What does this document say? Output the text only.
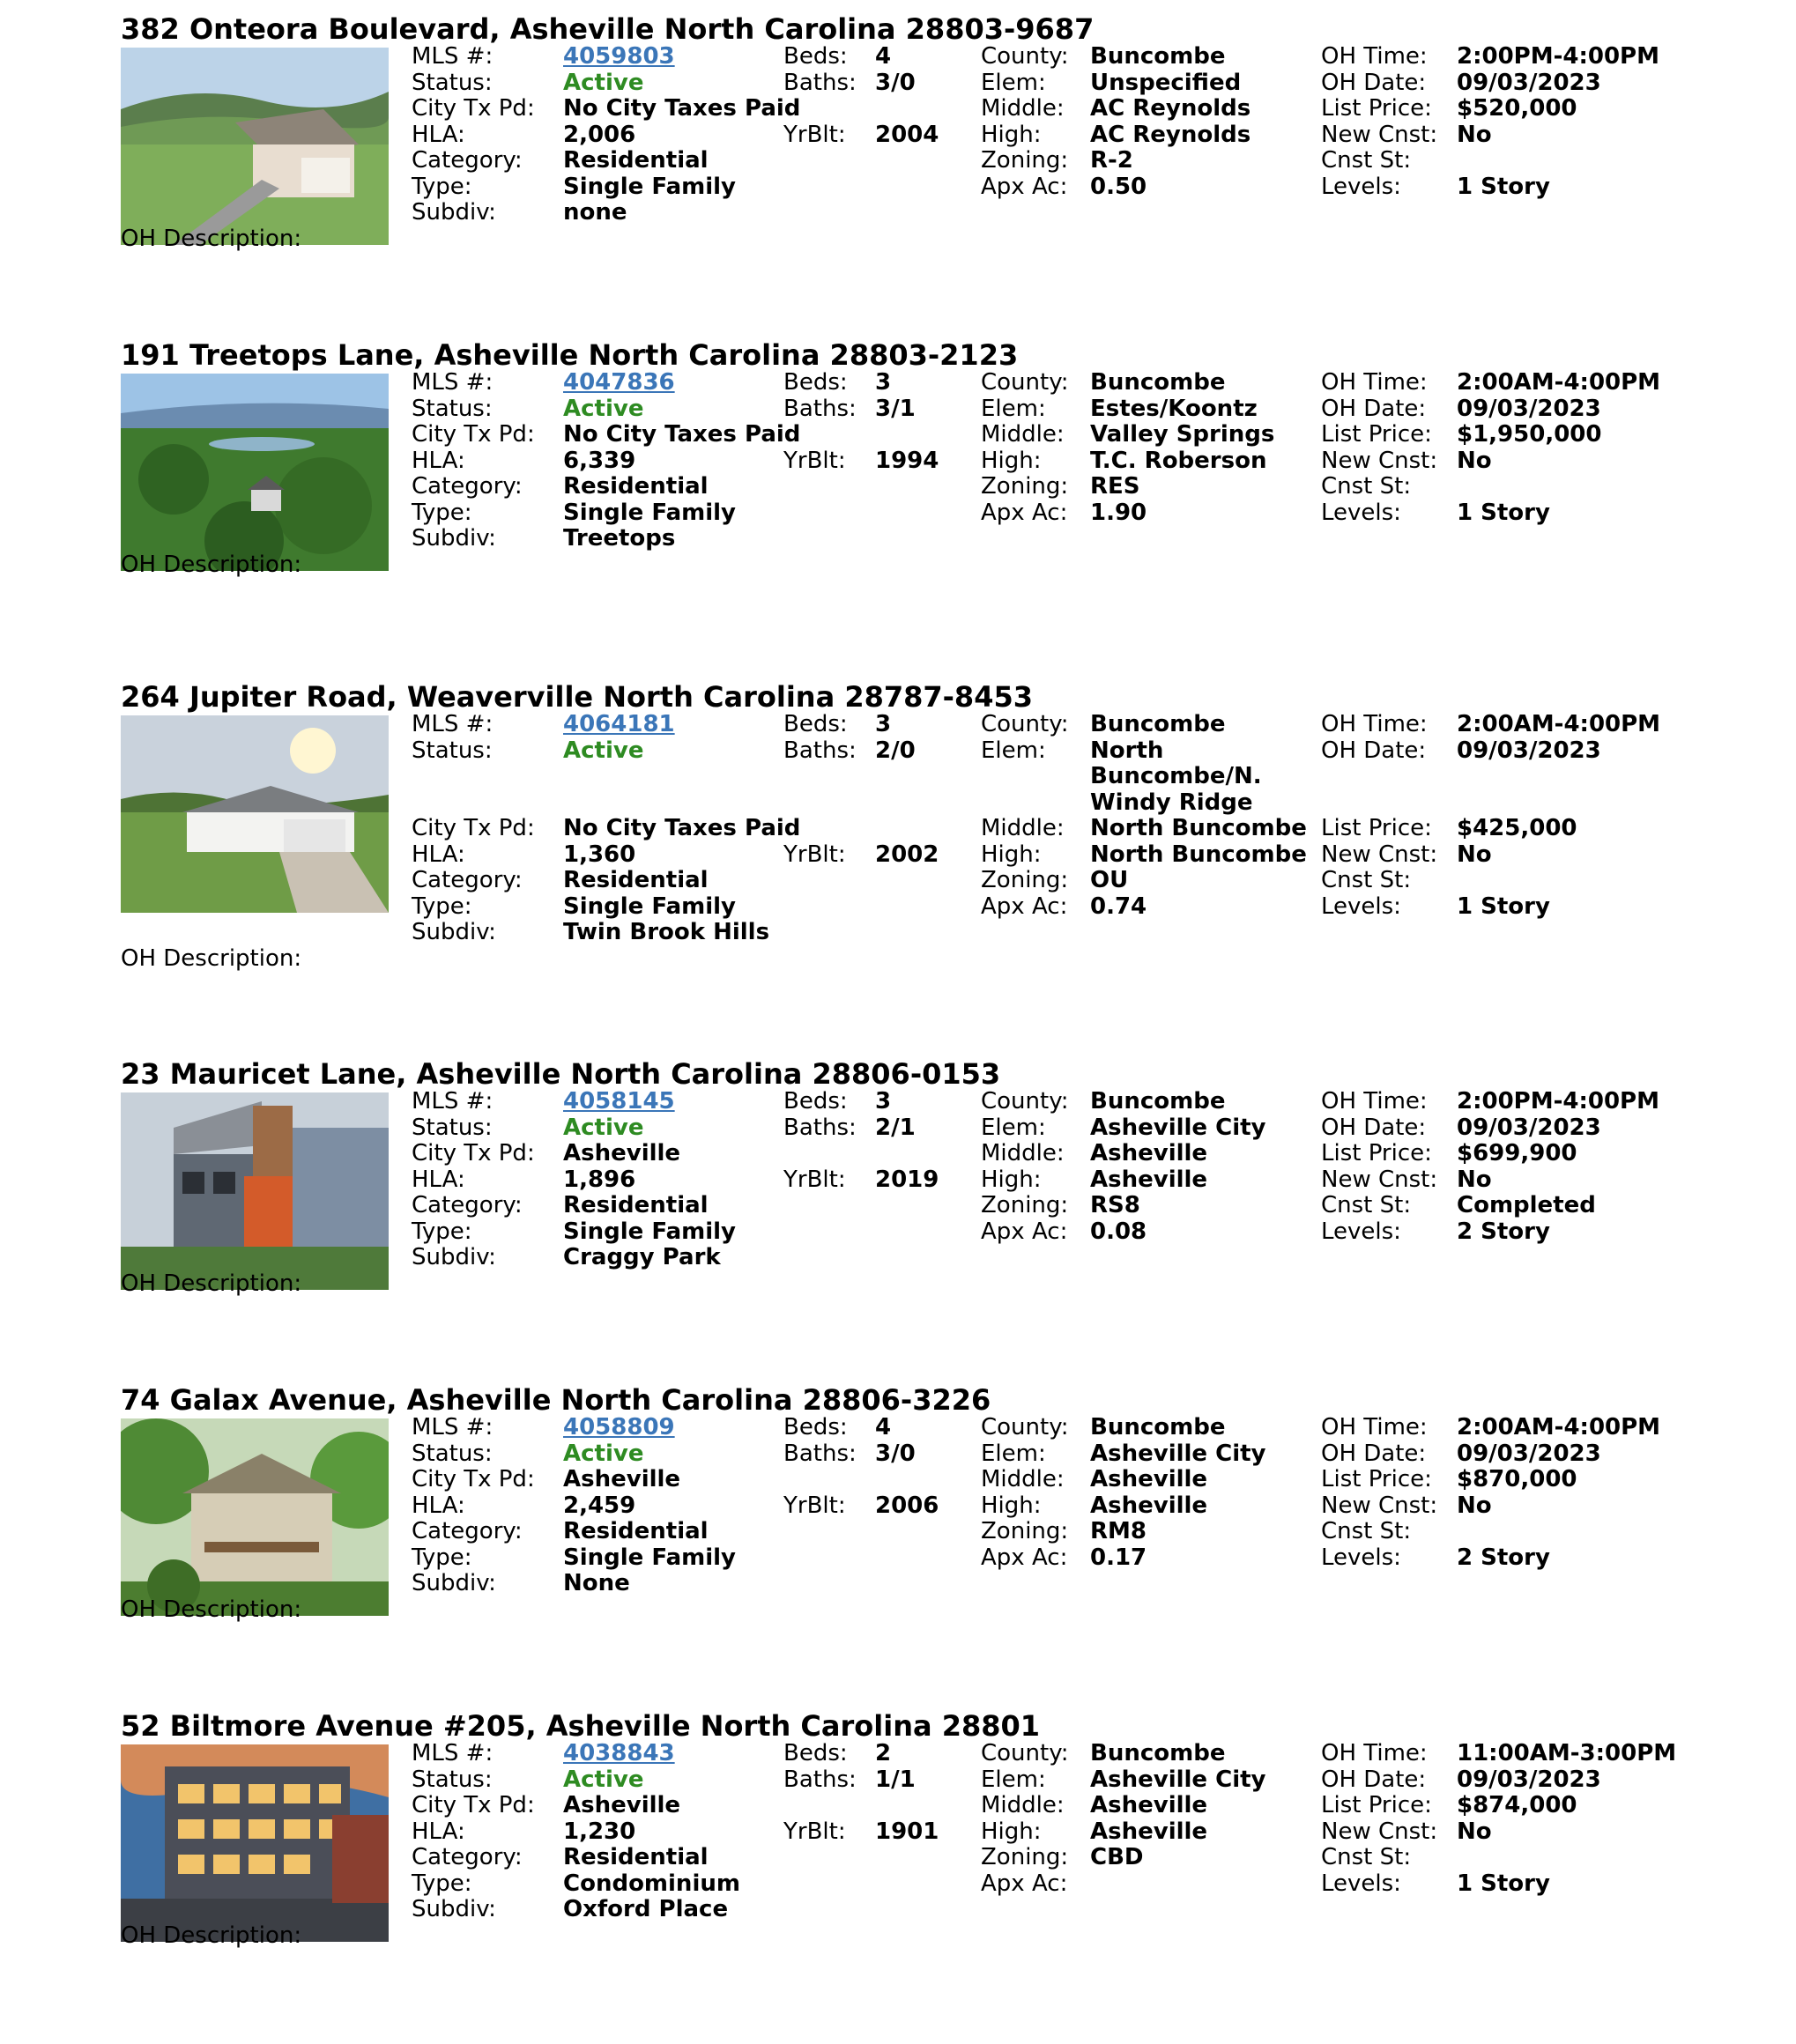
382 Onteora Boulevard, Asheville North Carolina 28803-9687
MLS #:	4059803
Status:	Active
City Tx Pd: No City Taxes Paid
HLA:	2,006
Category: Residential
Type:	Single Family
Subdiv:	none
Beds: 4
Baths: 3/0
YrBlt: 2004
County: Buncombe
Elem: Unspecified
Middle: AC Reynolds
High: AC Reynolds
Zoning: R-2
Apx Ac: 0.50
OH Time: 2:00PM-4:00PM
OH Date: 09/03/2023
List Price: $520,000
New Cnst: No
Cnst St:
Levels: 1 Story
OH Description:
191 Treetops Lane, Asheville North Carolina 28803-2123
MLS #:	4047836
Status:	Active
City Tx Pd: No City Taxes Paid
HLA:	6,339
Category: Residential
Type:	Single Family
Subdiv:	Treetops
Beds: 3
Baths: 3/1
YrBlt: 1994
County: Buncombe
Elem: Estes/Koontz
Middle: Valley Springs
High: T.C. Roberson
Zoning: RES
Apx Ac: 1.90
OH Time: 2:00AM-4:00PM
OH Date: 09/03/2023
List Price: $1,950,000
New Cnst: No
Cnst St:
Levels: 1 Story
OH Description:
264 Jupiter Road, Weaverville North Carolina 28787-8453
MLS #:	4064181
Status:	Active
City Tx Pd: No City Taxes Paid
HLA:	1,360
Category: Residential
Type:	Single Family
Subdiv:	Twin Brook Hills
Beds: 3
Baths: 2/0
YrBlt: 2002
County: Buncombe
Elem: North
Buncombe/N.
Windy Ridge
Middle: North Buncombe
High: North Buncombe
Zoning: OU
Apx Ac: 0.74
OH Time: 2:00AM-4:00PM
OH Date: 09/03/2023
List Price: $425,000
New Cnst: No
Cnst St:
Levels: 1 Story
OH Description:
23 Mauricet Lane, Asheville North Carolina 28806-0153
MLS #:	4058145
Status:	Active
City Tx Pd: Asheville
HLA:	1,896
Category: Residential
Type:	Single Family
Subdiv:	Craggy Park
Beds: 3
Baths: 2/1
YrBlt: 2019
County: Buncombe
Elem: Asheville City
Middle: Asheville
High: Asheville
Zoning: RS8
Apx Ac: 0.08
OH Time: 2:00PM-4:00PM
OH Date: 09/03/2023
List Price: $699,900
New Cnst: No
Cnst St: Completed
Levels: 2 Story
OH Description:
74 Galax Avenue, Asheville North Carolina 28806-3226
MLS #:	4058809
Status:	Active
City Tx Pd: Asheville
HLA:	2,459
Category: Residential
Type:	Single Family
Subdiv:	None
Beds: 4
Baths: 3/0
YrBlt: 2006
County: Buncombe
Elem: Asheville City
Middle: Asheville
High: Asheville
Zoning: RM8
Apx Ac: 0.17
OH Time: 2:00AM-4:00PM
OH Date: 09/03/2023
List Price: $870,000
New Cnst: No
Cnst St:
Levels: 2 Story
OH Description:
52 Biltmore Avenue #205, Asheville North Carolina 28801
MLS #:	4038843
Status:	Active
City Tx Pd: Asheville
HLA:	1,230
Category: Residential
Type:	Condominium
Subdiv:	Oxford Place
Beds: 2
Baths: 1/1
YrBlt: 1901
County: Buncombe
Elem: Asheville City
Middle: Asheville
High: Asheville
Zoning: CBD
Apx Ac:
OH Time: 11:00AM-3:00PM
OH Date: 09/03/2023
List Price: $874,000
New Cnst: No
Cnst St:
Levels: 1 Story
OH Description:
